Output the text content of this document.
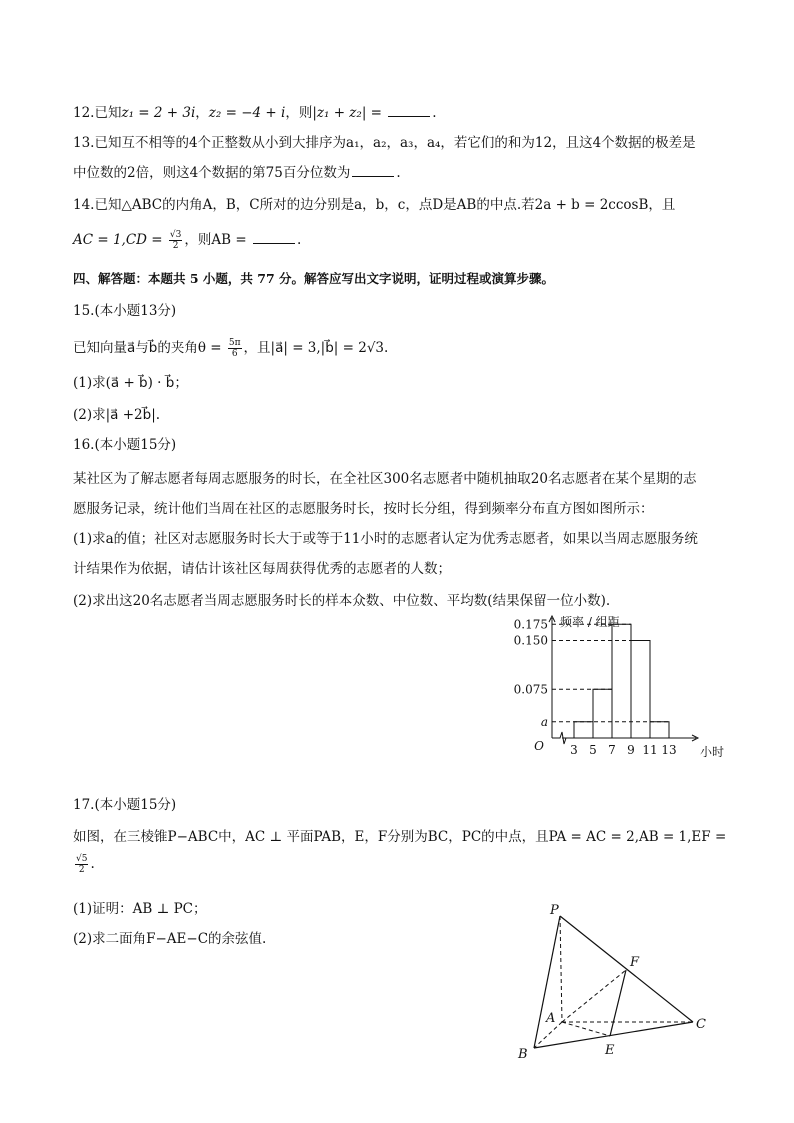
12.已知z₁ = 2 + 3i，z₂ = −4 + i，则|z₁ + z₂| =	.
13.已知互不相等的4个正整数从小到大排序为a₁，a₂，a₃，a₄，若它们的和为12，且这4个数据的极差是
中位数的2倍，则这4个数据的第75百分位数为	.
14.已知△ABC的内角A，B，C所对的边分别是a，b，c，点D是AB的中点.若2a + b = 2ccosB，且
AC = $1,CD = \frac{√3}{2}$ ，则AB =	.
四、解答题：本题共 5 小题，共 77 分。解答应写出文字说明，证明过程或演算步骤。
15.(本小题13分)
已知向量a⃗与b⃗的夹角$\theta = \frac{5\pi}{6}$ ，且|a⃗| = 3,|b⃗| = 2√3.
(1)求(a⃗ + b⃗) · b⃗；
(2)求|a⃗ +2b⃗|.
16.(本小题15分)
某社区为了解志愿者每周志愿服务的时长，在全社区300名志愿者中随机抽取20名志愿者在某个星期的志
愿服务记录，统计他们当周在社区的志愿服务时长，按时长分组，得到频率分布直方图如图所示：
(1)求a的值；社区对志愿服务时长大于或等于11小时的志愿者认定为优秀志愿者，如果以当周志愿服务统
计结果作为依据，请估计该社区每周获得优秀的志愿者的人数；
(2)求出这20名志愿者当周志愿服务时长的样本众数、中位数、平均数(结果保留一位小数).
0.175
0.150
0.075
a
3 5 7 9 11 13
O
频率 / 组距
小时
17.(本小题15分)
如图，在三棱锥P−ABC中，AC ⊥ 平面PAB，E，F分别为BC，PC的中点，且PA = AC = 2,AB = 1,EF =
$\frac{√5}{2}$ .
(1)证明：AB ⊥ PC；
(2)求二面角F−AE−C的余弦值.
P
A
B
C
E
F
